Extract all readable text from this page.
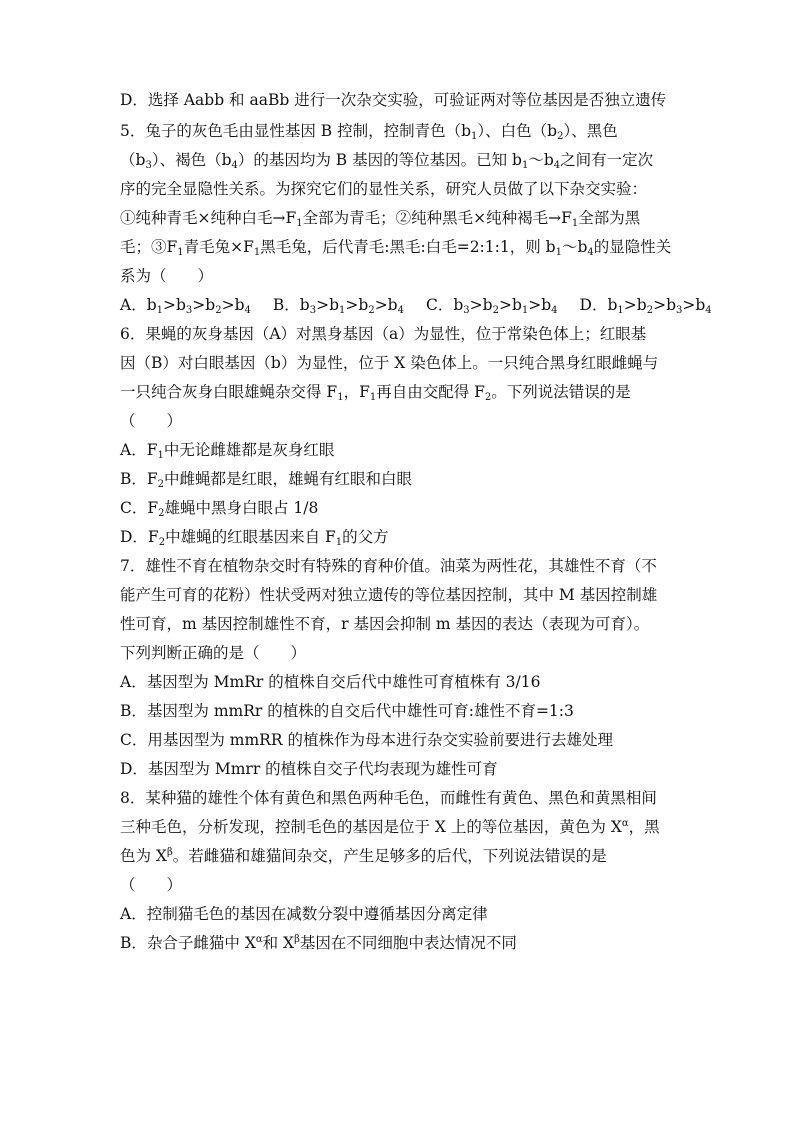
D．选择 Aabb 和 aaBb 进行一次杂交实验，可验证两对等位基因是否独立遗传
5．兔子的灰色毛由显性基因 B 控制，控制青色$(b_1)$、白色$(b_2)$、黑色
$(b_3)$、褐色$(b_4)$的基因均为 B 基因的等位基因。已知 $b_1\sim b_4$之间有一定次
序的完全显隐性关系。为探究它们的显性关系，研究人员做了以下杂交实验：
①纯种青毛×纯种白毛$\to F_1$全部为青毛；②纯种黑毛×纯种褐毛$\to F_1$全部为黑
毛；$③F_1$青毛兔$\times F_1$黑毛兔，后代青毛:黑毛:白毛=2:1:1，则 $b_1\sim b_4$的显隐性关
系为（　　）
A．$b_1>b_3>b_2>b_4$ B．$b_3>b_1>b_2>b_4$ C．$b_3>b_2>b_1>b_4$ D．$b_1>b_2>b_3>b_4$
6．果蝇的灰身基因（A）对黑身基因（a）为显性，位于常染色体上；红眼基
因（B）对白眼基因（b）为显性，位于 X 染色体上。一只纯合黑身红眼雌蝇与
一只纯合灰身白眼雄蝇杂交得 $F_1$，$F_1$再自由交配得 $F_2$。下列说法错误的是
（　　）
A．$F_1$中无论雌雄都是灰身红眼
B．$F_2$中雌蝇都是红眼，雄蝇有红眼和白眼
C．$F_2$雄蝇中黑身白眼占 1/8
D．$F_2$中雄蝇的红眼基因来自 $F_1$的父方
7．雄性不育在植物杂交时有特殊的育种价值。油菜为两性花，其雄性不育（不
能产生可育的花粉）性状受两对独立遗传的等位基因控制，其中 M 基因控制雄
性可育，m 基因控制雄性不育，r 基因会抑制 m 基因的表达（表现为可育）。
下列判断正确的是（　　）
A．基因型为 MmRr 的植株自交后代中雄性可育植株有 3/16
B．基因型为 mmRr 的植株的自交后代中雄性可育:雄性不育=1:3
C．用基因型为 mmRR 的植株作为母本进行杂交实验前要进行去雄处理
D．基因型为 Mmrr 的植株自交子代均表现为雄性可育
8．某种猫的雄性个体有黄色和黑色两种毛色，而雌性有黄色、黑色和黄黑相间
三种毛色，分析发现，控制毛色的基因是位于 X 上的等位基因，黄色为 $X^\alpha$，黑
色为 $X^\beta$。若雌猫和雄猫间杂交，产生足够多的后代，下列说法错误的是
（　　）
A．控制猫毛色的基因在减数分裂中遵循基因分离定律
B．杂合子雌猫中 $X^\alpha$和 $X^\beta$基因在不同细胞中表达情况不同
